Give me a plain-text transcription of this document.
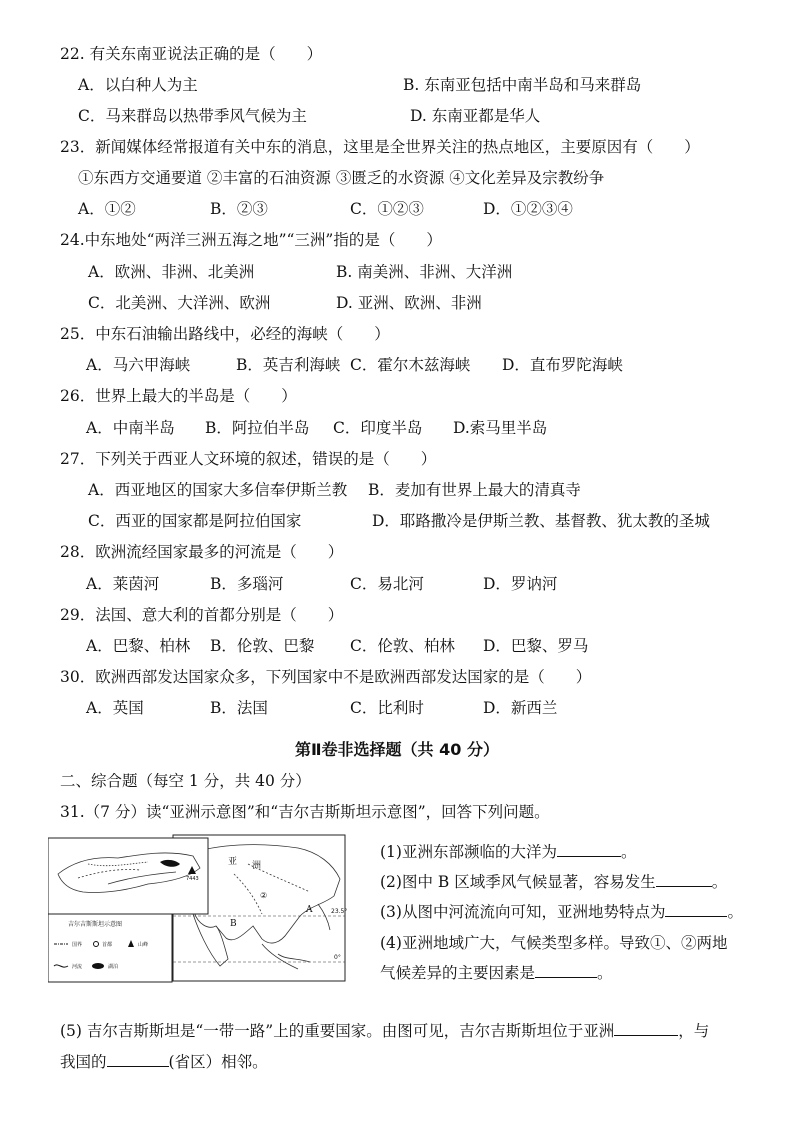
22. 有关东南亚说法正确的是（　　）
A．以白种人为主	B. 东南亚包括中南半岛和马来群岛
C．马来群岛以热带季风气候为主	D. 东南亚都是华人
23．新闻媒体经常报道有关中东的消息，这里是全世界关注的热点地区，主要原因有（　　）
①东西方交通要道 ②丰富的石油资源 ③匮乏的水资源 ④文化差异及宗教纷争
A．①②	B．②③	C．①②③	D．①②③④
24.中东地处“两洋三洲五海之地”“三洲”指的是（　　）
A．欧洲、非洲、北美洲	B. 南美洲、非洲、大洋洲
C．北美洲、大洋洲、欧洲	D. 亚洲、欧洲、非洲
25．中东石油输出路线中，必经的海峡（　　）
A．马六甲海峡	B．英吉利海峡 C．霍尔木兹海峡 D．直布罗陀海峡
26．世界上最大的半岛是（　　）
A．中南半岛 B．阿拉伯半岛 C．印度半岛 D.索马里半岛
27．下列关于西亚人文环境的叙述，错误的是（　　）
A．西亚地区的国家大多信奉伊斯兰教 B．麦加有世界上最大的清真寺
C．西亚的国家都是阿拉伯国家	D．耶路撒冷是伊斯兰教、基督教、犹太教的圣城
28．欧洲流经国家最多的河流是（　　）
A．莱茵河	B．多瑙河	C．易北河	D．罗讷河
29．法国、意大利的首都分别是（　　）
A．巴黎、柏林 B．伦敦、巴黎 C．伦敦、柏林 D．巴黎、罗马
30．欧洲西部发达国家众多，下列国家中不是欧洲西部发达国家的是（　　）
A．英国	B．法国	C．比利时	D．新西兰
第Ⅱ卷非选择题（共 40 分）
二、综合题（每空 1 分，共 40 分）
31.（7 分）读“亚洲示意图”和“吉尔吉斯斯坦示意图”，回答下列问题。
亚 洲
A
B
②
23.5°
0°
7443
吉尔吉斯斯坦示意图
国界	首都	山峰
河流	湖泊
(1)亚洲东部濒临的大洋为	。
(2)图中 B 区域季风气候显著，容易发生	。
(3)从图中河流流向可知，亚洲地势特点为	。
(4)亚洲地域广大，气候类型多样。导致①、②两地
气候差异的主要因素是	。
(5) 吉尔吉斯斯坦是“一带一路”上的重要国家。由图可见，吉尔吉斯斯坦位于亚洲	，与
我国的	(省区）相邻。
